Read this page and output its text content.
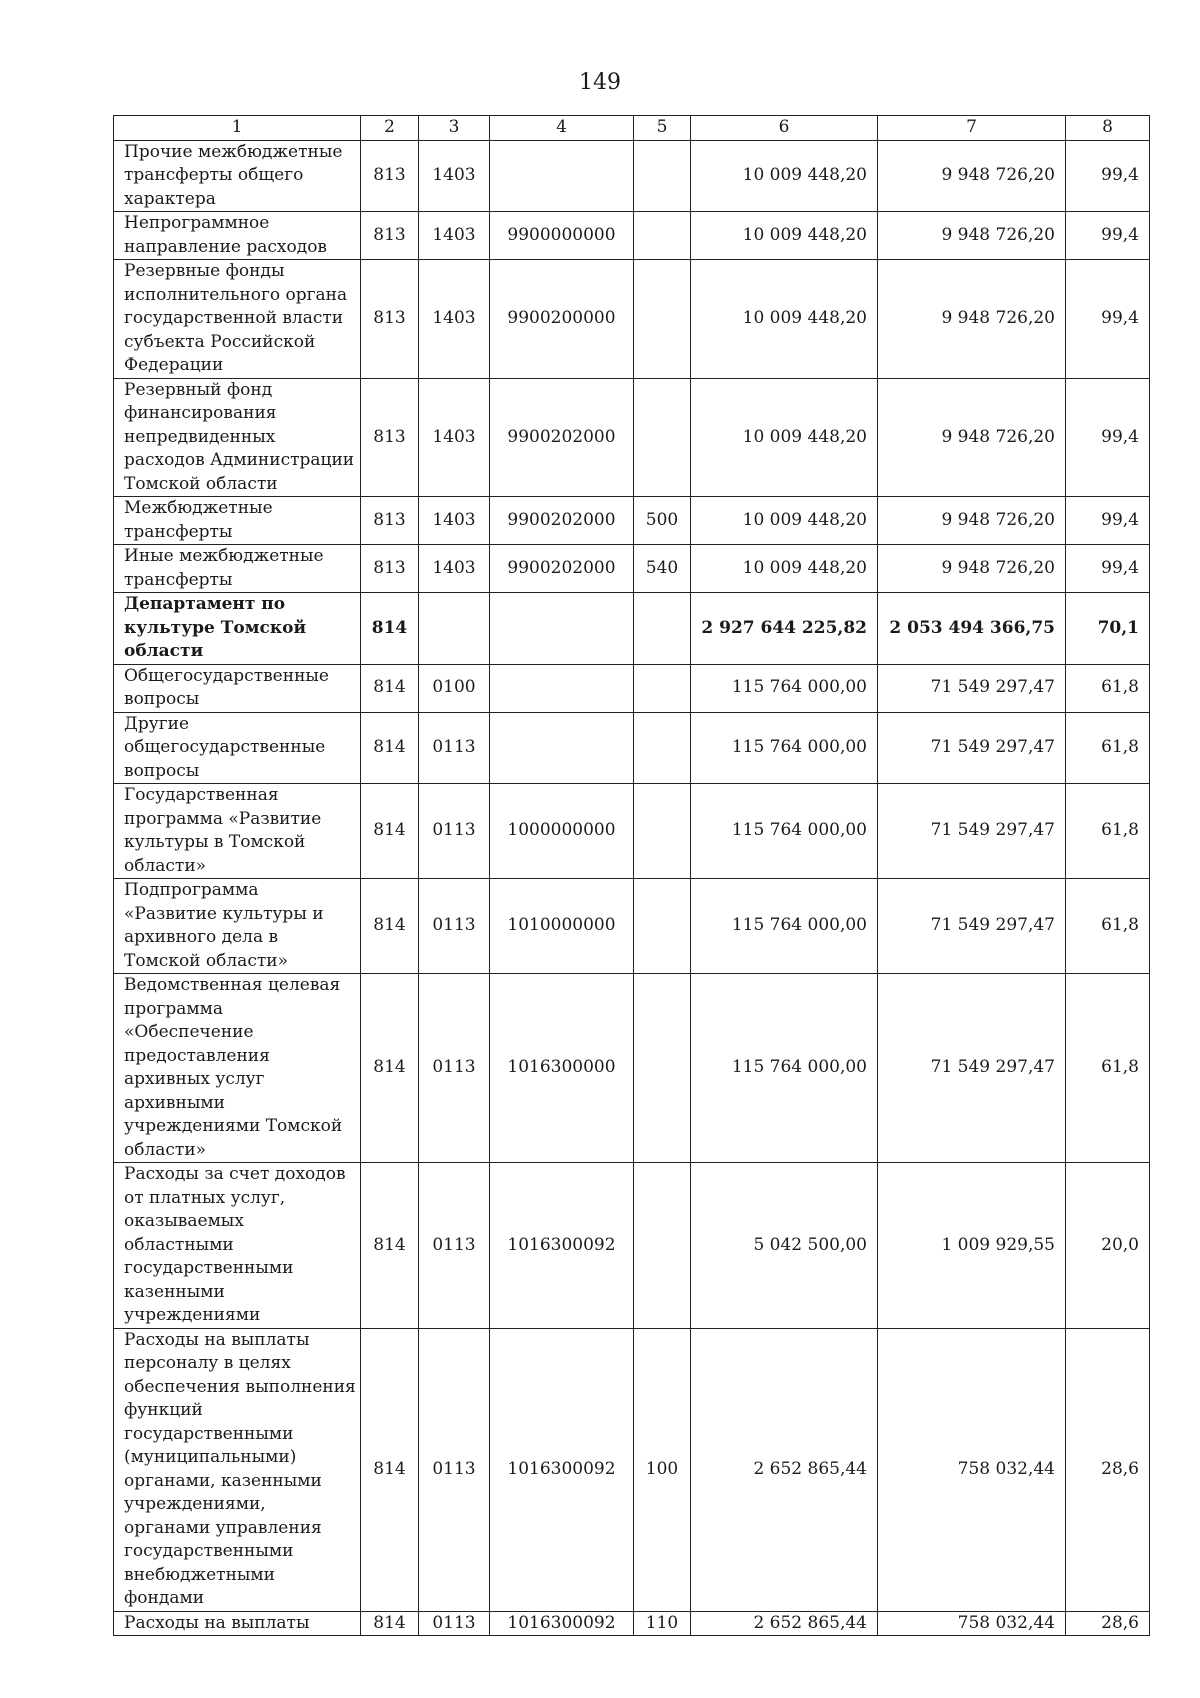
149
1	2	3	4	5	6	7	8
Прочие межбюджетные трансферты общего характера	813	1403			10 009 448,20	9 948 726,20	99,4
Непрограммное направление расходов	813	1403	9900000000		10 009 448,20	9 948 726,20	99,4
Резервные фонды исполнительного органа государственной власти субъекта Российской Федерации	813	1403	9900200000		10 009 448,20	9 948 726,20	99,4
Резервный фонд финансирования непредвиденных расходов Администрации Томской области	813	1403	9900202000		10 009 448,20	9 948 726,20	99,4
Межбюджетные трансферты	813	1403	9900202000	500	10 009 448,20	9 948 726,20	99,4
Иные межбюджетные трансферты	813	1403	9900202000	540	10 009 448,20	9 948 726,20	99,4
Департамент по культуре Томской области	814				2 927 644 225,82	2 053 494 366,75	70,1
Общегосударственные вопросы	814	0100			115 764 000,00	71 549 297,47	61,8
Другие общегосударственные вопросы	814	0113			115 764 000,00	71 549 297,47	61,8
Государственная программа «Развитие культуры в Томской области»	814	0113	1000000000		115 764 000,00	71 549 297,47	61,8
Подпрограмма «Развитие культуры и архивного дела в Томской области»	814	0113	1010000000		115 764 000,00	71 549 297,47	61,8
Ведомственная целевая программа «Обеспечение предоставления архивных услуг архивными учреждениями Томской области»	814	0113	1016300000		115 764 000,00	71 549 297,47	61,8
Расходы за счет доходов от платных услуг, оказываемых областными государственными казенными учреждениями	814	0113	1016300092		5 042 500,00	1 009 929,55	20,0
Расходы на выплаты персоналу в целях обеспечения выполнения функций государственными (муниципальными) органами, казенными учреждениями, органами управления государственными внебюджетными фондами	814	0113	1016300092	100	2 652 865,44	758 032,44	28,6
Расходы на выплаты	814	0113	1016300092	110	2 652 865,44	758 032,44	28,6
